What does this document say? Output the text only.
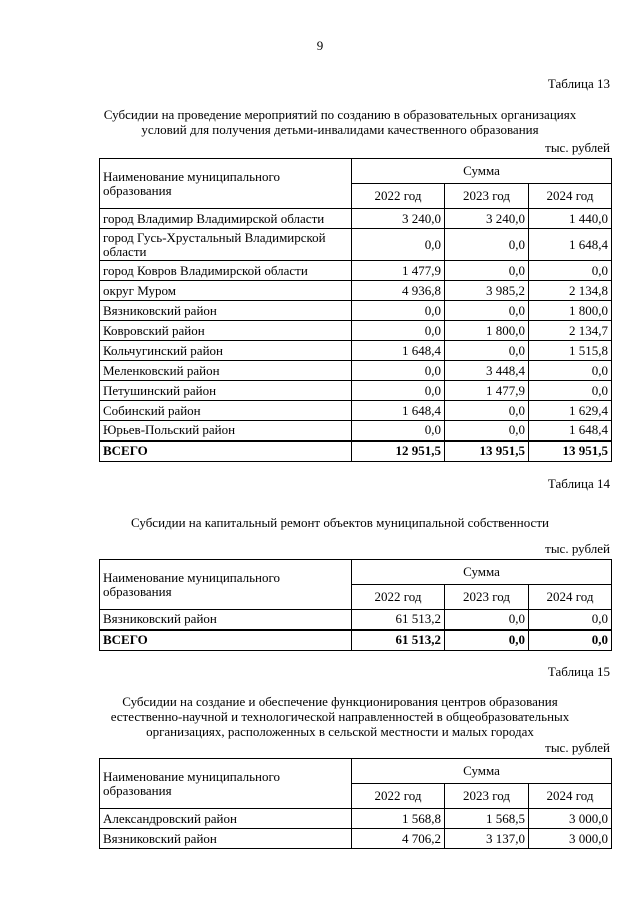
9
Таблица 13
Субсидии на проведение мероприятий по созданию в образовательных организациях
условий для получения детьми-инвалидами качественного образования
тыс. рублей
Наименование муниципального образования	Сумма		
	2022 год	2023 год	2024 год
город Владимир Владимирской области	3 240,0	3 240,0	1 440,0
город Гусь-Хрустальный Владимирской области	0,0	0,0	1 648,4
город Ковров Владимирской области	1 477,9	0,0	0,0
округ Муром	4 936,8	3 985,2	2 134,8
Вязниковский район	0,0	0,0	1 800,0
Ковровский район	0,0	1 800,0	2 134,7
Кольчугинский район	1 648,4	0,0	1 515,8
Меленковский район	0,0	3 448,4	0,0
Петушинский район	0,0	1 477,9	0,0
Собинский район	1 648,4	0,0	1 629,4
Юрьев-Польский район	0,0	0,0	1 648,4
ВСЕГО	12 951,5	13 951,5	13 951,5
Таблица 14
Субсидии на капитальный ремонт объектов муниципальной собственности
тыс. рублей
Наименование муниципального образования	Сумма		
	2022 год	2023 год	2024 год
Вязниковский район	61 513,2	0,0	0,0
ВСЕГО	61 513,2	0,0	0,0
Таблица 15
Субсидии на создание и обеспечение функционирования центров образования
естественно-научной и технологической направленностей в общеобразовательных
организациях, расположенных в сельской местности и малых городах
тыс. рублей
Наименование муниципального образования	Сумма		
	2022 год	2023 год	2024 год
Александровский район	1 568,8	1 568,5	3 000,0
Вязниковский район	4 706,2	3 137,0	3 000,0
